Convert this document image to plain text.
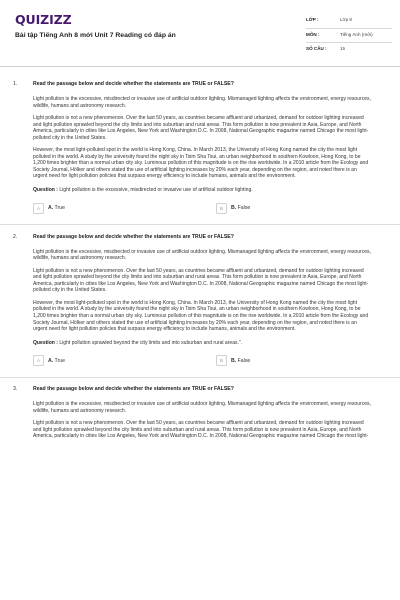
QUIZIZZ
Bài tập Tiếng Anh 8 mới Unit 7 Reading có đáp án
LỚP :	Lớp 8
MÔN :	Tiếng Anh (mới)
SỐ CÂU :	15
1.	Read the passage below and decide whether the statements are TRUE or FALSE?

Light pollution is the excessive, misdirected or invasive use of artificial outdoor lighting. Mismanaged lighting affects the environment, energy resources, wildlife, humans and astronomy research.

Light pollution is not a new phenomenon. Over the last 50 years, as countries became affluent and urbanized, demand for outdoor lighting increased and light pollution sprawled beyond the city limits and into suburban and rural areas. This form pollution is now prevalent in Asia, Europe, and North America, particularly in cities like Los Angeles, New York and Washington D.C. In 2008, National Geographic magazine named Chicago the most light-polluted city in the United States.

However, the most light-polluted spot in the world is Hong Kong, China. In March 2013, the University of Hong Kong named the city the most light polluted in the world. A study by the university found the night sky in Tsim Sha Tsui, an urban neighborhood in southern Kowloon, Hong Kong, to be 1,200 times brighter than a normal urban city sky. Luminous pollution of this magnitude is on the rise worldwide. In a 2010 article from the Ecology and Society Journal, Hölker and others stated the use of artificial lighting increases by 20% each year, depending on the region, and noted there is an urgent need for light pollution policies that surpass energy efficiency to include humans, animals and the environment.

Question : Light pollution is the excessive, misdirected or invasive use of artificial outdoor lighting.

A	A. True	B	B. False
2.	Read the passage below and decide whether the statements are TRUE or FALSE?

Light pollution is the excessive, misdirected or invasive use of artificial outdoor lighting. Mismanaged lighting affects the environment, energy resources, wildlife, humans and astronomy research.

Light pollution is not a new phenomenon. Over the last 50 years, as countries became affluent and urbanized, demand for outdoor lighting increased and light pollution sprawled beyond the city limits and into suburban and rural areas. This form pollution is now prevalent in Asia, Europe, and North America, particularly in cities like Los Angeles, New York and Washington D.C. In 2008, National Geographic magazine named Chicago the most light-polluted city in the United States.

However, the most light-polluted spot in the world is Hong Kong, China. In March 2013, the University of Hong Kong named the city the most light polluted in the world. A study by the university found the night sky in Tsim Sha Tsui, an urban neighborhood in southern Kowloon, Hong Kong, to be 1,200 times brighter than a normal urban city sky. Luminous pollution of this magnitude is on the rise worldwide. In a 2010 article from the Ecology and Society Journal, Hölker and others stated the use of artificial lighting increases by 20% each year, depending on the region, and noted there is an urgent need for light pollution policies that surpass energy efficiency to include humans, animals and the environment.

Question : Light pollution sprawled beyond the city limits and into suburban and rural areas.".

A	A. True	B	B. False
3.	Read the passage below and decide whether the statements are TRUE or FALSE?

Light pollution is the excessive, misdirected or invasive use of artificial outdoor lighting. Mismanaged lighting affects the environment, energy resources, wildlife, humans and astronomy research.

Light pollution is not a new phenomenon. Over the last 50 years, as countries became affluent and urbanized, demand for outdoor lighting increased and light pollution sprawled beyond the city limits and into suburban and rural areas. This form pollution is now prevalent in Asia, Europe, and North America, particularly in cities like Los Angeles, New York and Washington D.C. In 2008, National Geographic magazine named Chicago the most light-
